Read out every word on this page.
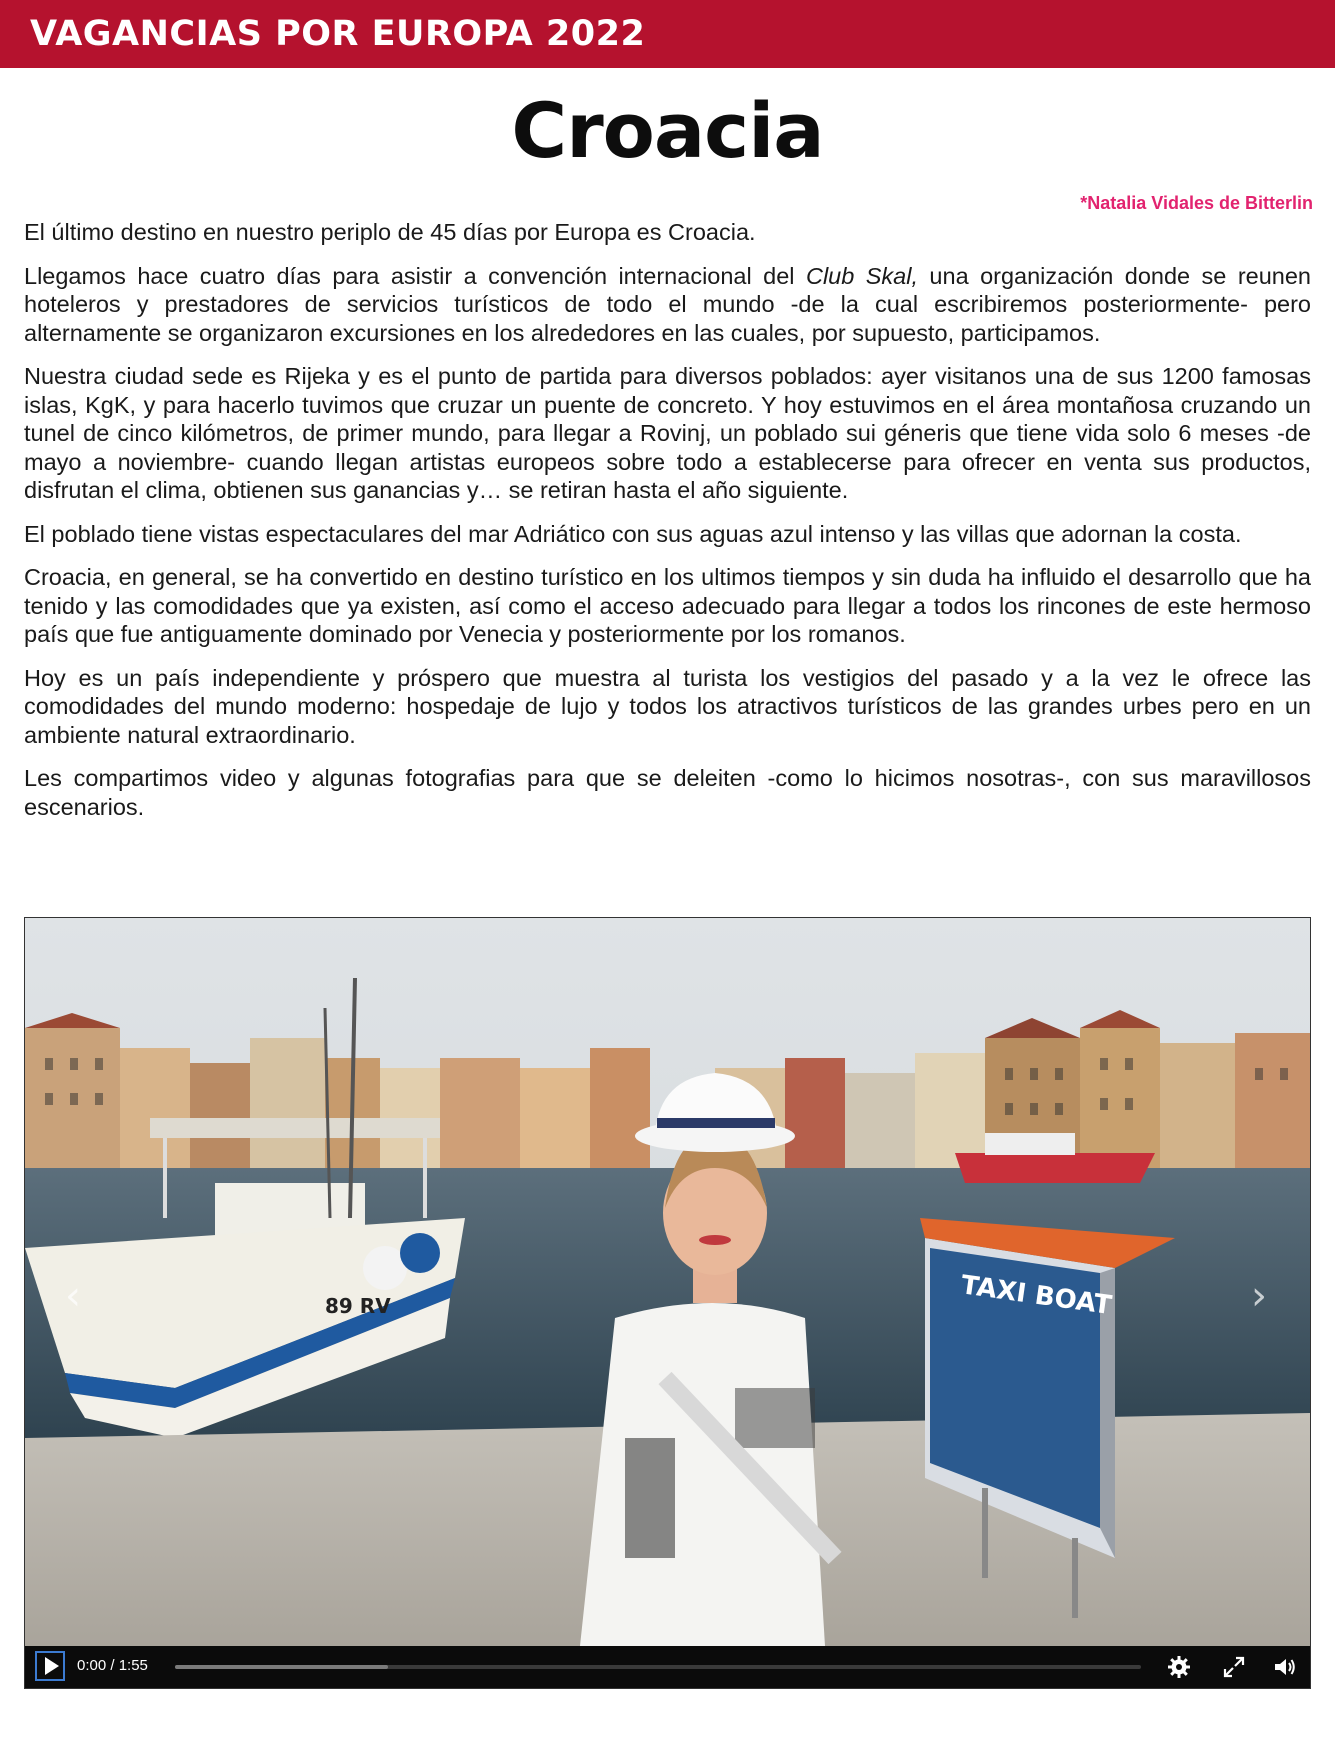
VAGANCIAS POR EUROPA 2022
Croacia
*Natalia Vidales de Bitterlin

El último destino en nuestro periplo de 45 días por Europa es Croacia.

Llegamos hace cuatro días para asistir a convención internacional del Club Skal, una organización donde se reunen hoteleros y prestadores de servicios turísticos de todo el mundo -de la cual escribiremos posteriormente- pero alternamente se organizaron excursiones en los alrededores en las cuales, por supuesto, participamos.

Nuestra ciudad sede es Rijeka y es el punto de partida para diversos poblados: ayer visitanos una de sus 1200 famosas islas, KgK, y para hacerlo tuvimos que cruzar un puente de concreto. Y hoy estuvimos en el área montañosa cruzando un tunel de cinco kilómetros, de primer mundo, para llegar a Rovinj, un poblado sui géneris que tiene vida solo 6 meses -de mayo a noviembre- cuando llegan artistas europeos sobre todo a establecerse para ofrecer en venta sus productos, disfrutan el clima, obtienen sus ganancias y… se retiran hasta el año siguiente.

El poblado tiene vistas espectaculares del mar Adriático con sus aguas azul intenso y las villas que adornan la costa.

Croacia, en general, se ha convertido en destino turístico en los ultimos tiempos y sin duda ha influido el desarrollo que ha tenido y las comodidades que ya existen, así como el acceso adecuado para llegar a todos los rincones de este hermoso país que fue antiguamente dominado por Venecia y posteriormente por los romanos.

Hoy es un país independiente y próspero que muestra al turista los vestigios del pasado y a la vez le ofrece las comodidades del mundo moderno: hospedaje de lujo y todos los atractivos turísticos de las grandes urbes pero en un ambiente natural extraordinario.

Les compartimos video y algunas fotografias para que se deleiten -como lo hicimos nosotras-, con sus maravillosos escenarios.

89 RV	TAXI BOAT
‹	›
0:00 / 1:55
